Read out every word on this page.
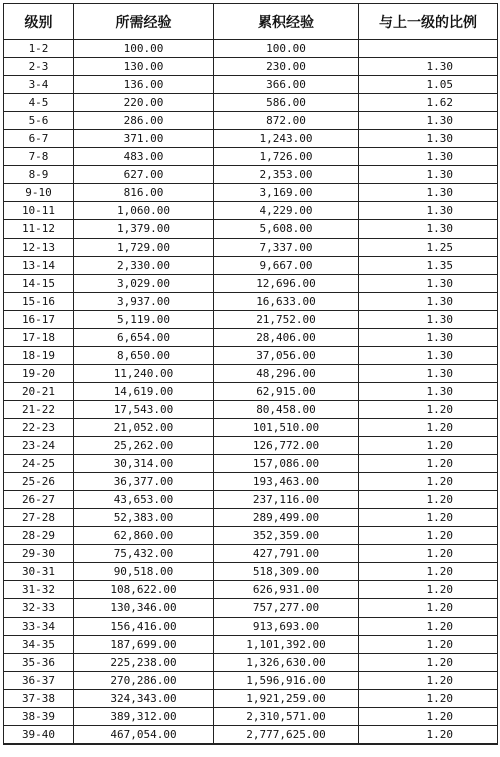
级别	所需经验	累积经验	与上一级的比例
1-2	100.00	100.00	
2-3	130.00	230.00	1.30
3-4	136.00	366.00	1.05
4-5	220.00	586.00	1.62
5-6	286.00	872.00	1.30
6-7	371.00	1,243.00	1.30
7-8	483.00	1,726.00	1.30
8-9	627.00	2,353.00	1.30
9-10	816.00	3,169.00	1.30
10-11	1,060.00	4,229.00	1.30
11-12	1,379.00	5,608.00	1.30
12-13	1,729.00	7,337.00	1.25
13-14	2,330.00	9,667.00	1.35
14-15	3,029.00	12,696.00	1.30
15-16	3,937.00	16,633.00	1.30
16-17	5,119.00	21,752.00	1.30
17-18	6,654.00	28,406.00	1.30
18-19	8,650.00	37,056.00	1.30
19-20	11,240.00	48,296.00	1.30
20-21	14,619.00	62,915.00	1.30
21-22	17,543.00	80,458.00	1.20
22-23	21,052.00	101,510.00	1.20
23-24	25,262.00	126,772.00	1.20
24-25	30,314.00	157,086.00	1.20
25-26	36,377.00	193,463.00	1.20
26-27	43,653.00	237,116.00	1.20
27-28	52,383.00	289,499.00	1.20
28-29	62,860.00	352,359.00	1.20
29-30	75,432.00	427,791.00	1.20
30-31	90,518.00	518,309.00	1.20
31-32	108,622.00	626,931.00	1.20
32-33	130,346.00	757,277.00	1.20
33-34	156,416.00	913,693.00	1.20
34-35	187,699.00	1,101,392.00	1.20
35-36	225,238.00	1,326,630.00	1.20
36-37	270,286.00	1,596,916.00	1.20
37-38	324,343.00	1,921,259.00	1.20
38-39	389,312.00	2,310,571.00	1.20
39-40	467,054.00	2,777,625.00	1.20
